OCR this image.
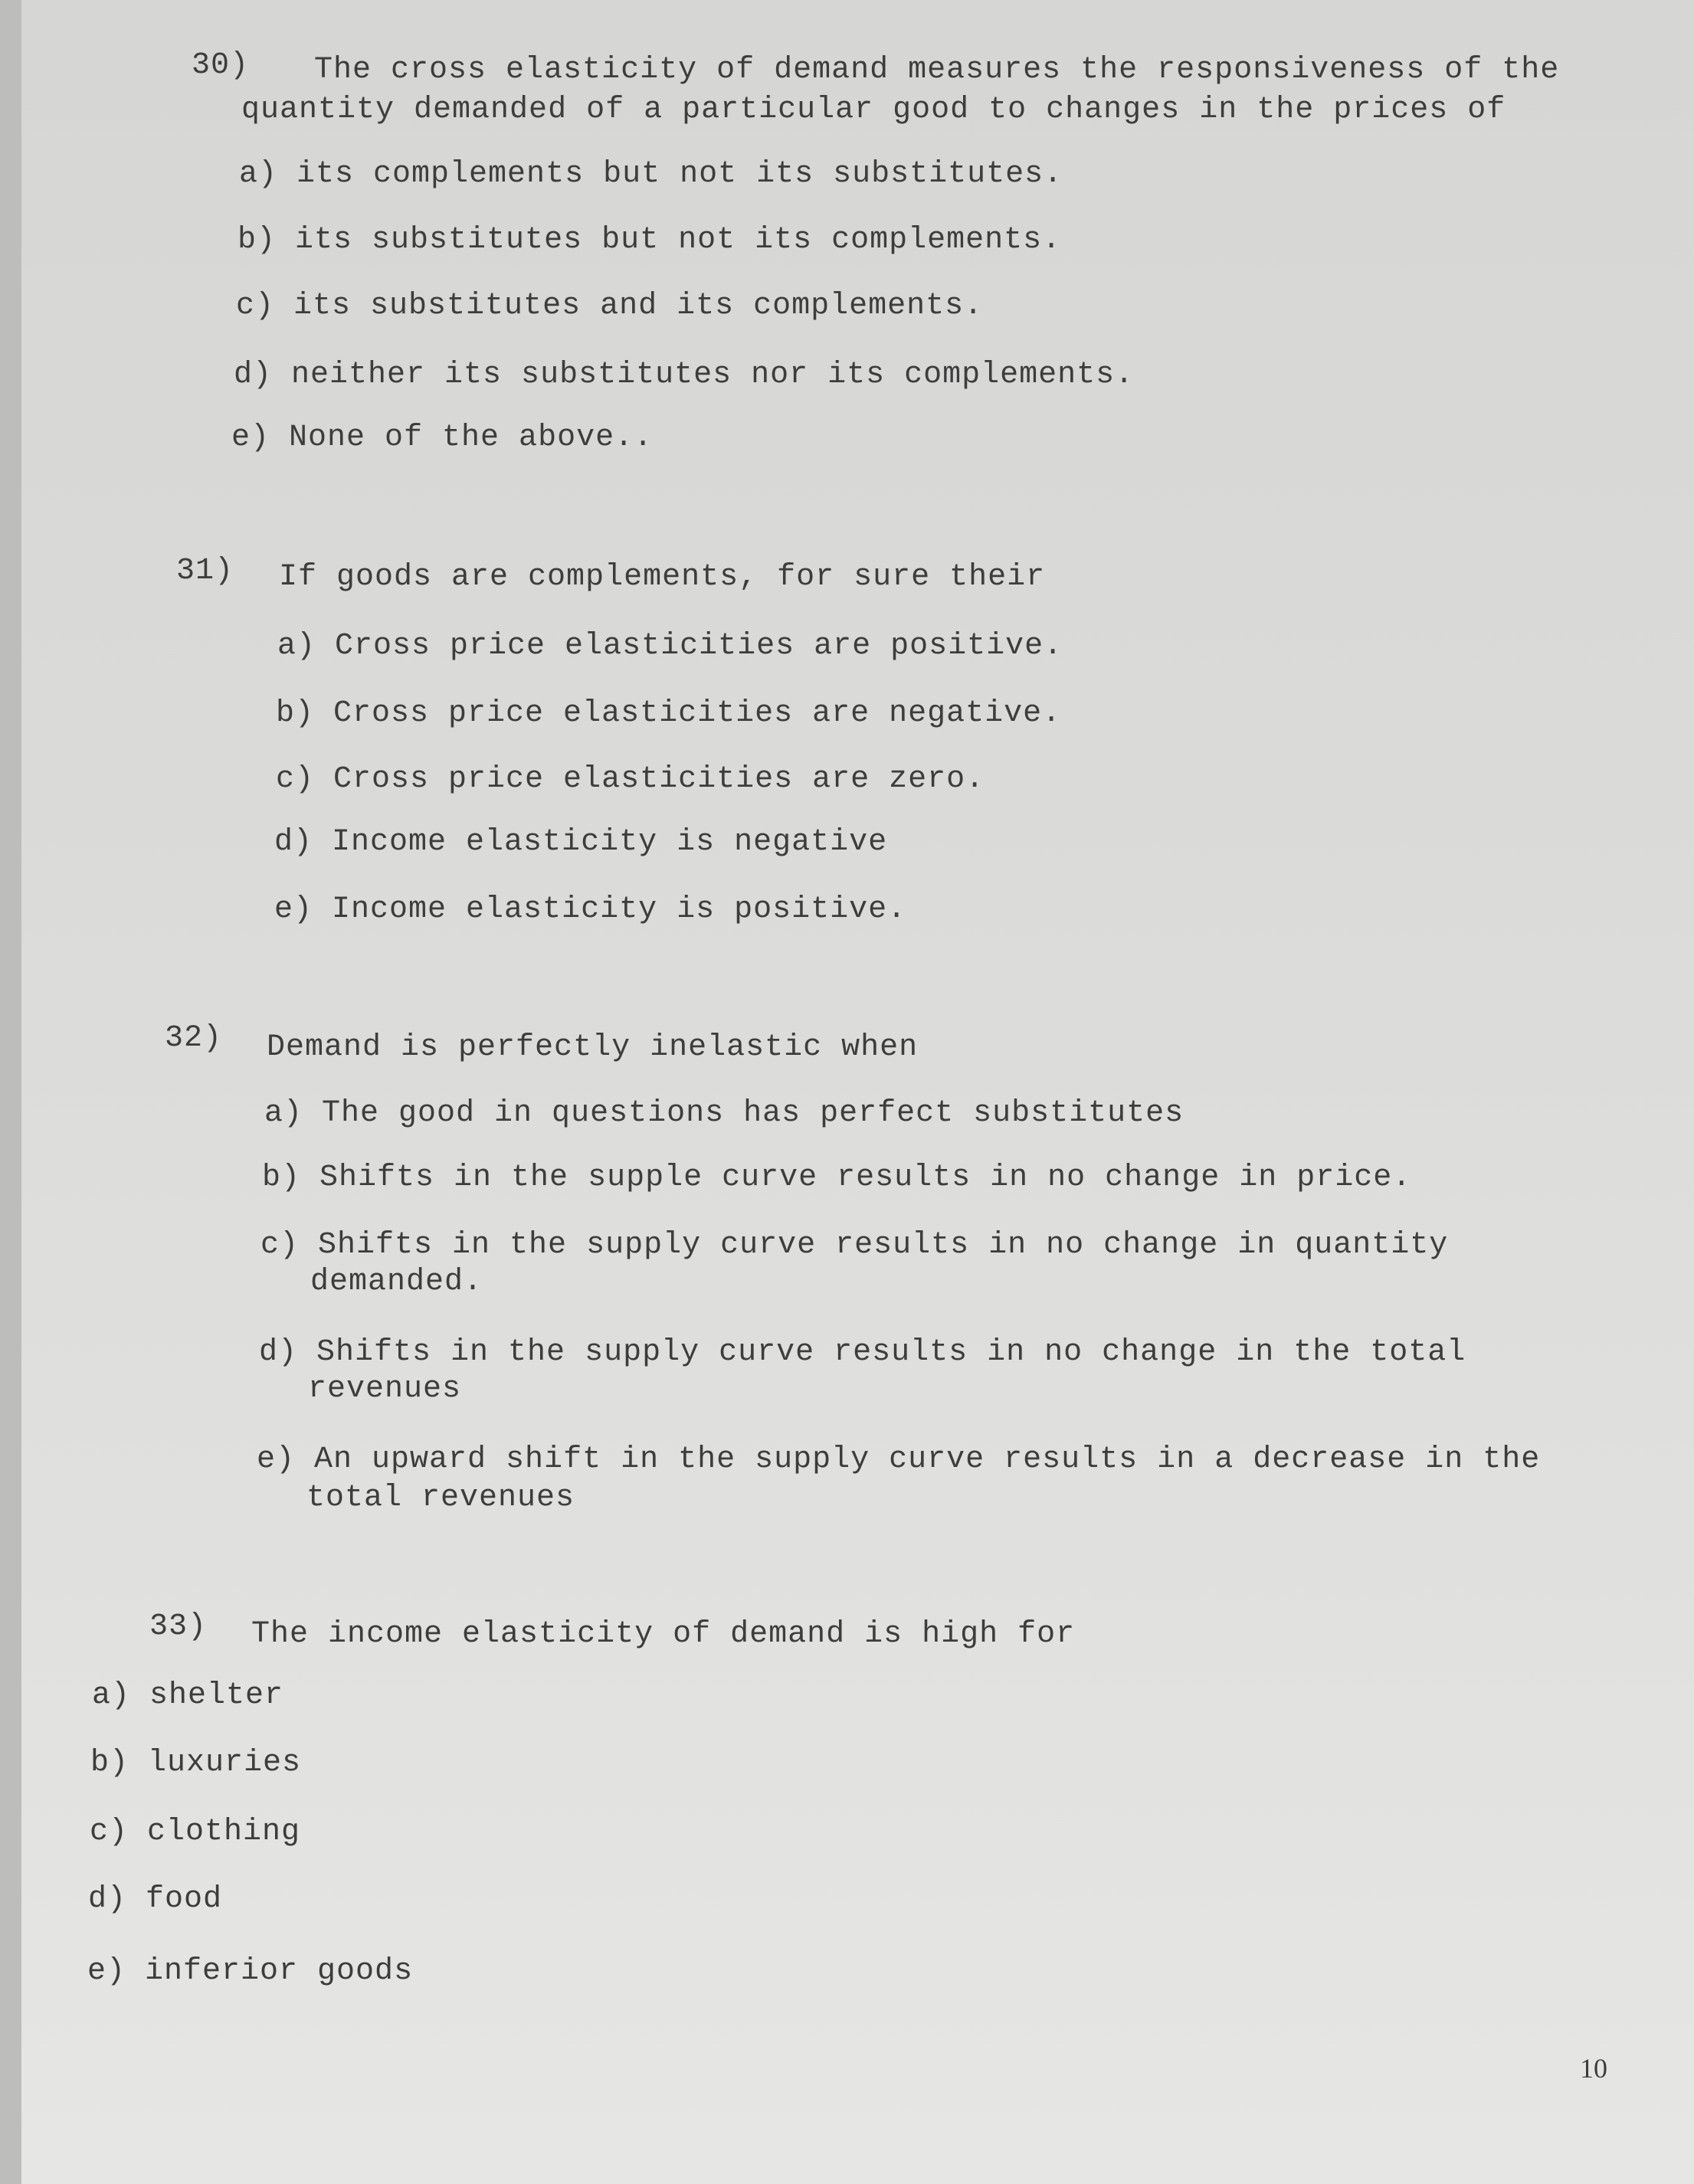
30) The cross elasticity of demand measures the responsiveness of the
quantity demanded of a particular good to changes in the prices of
a) its complements but not its substitutes.
b) its substitutes but not its complements.
c) its substitutes and its complements.
d) neither its substitutes nor its complements.
e) None of the above..
31) If goods are complements, for sure their
a) Cross price elasticities are positive.
b) Cross price elasticities are negative.
c) Cross price elasticities are zero.
d) Income elasticity is negative
e) Income elasticity is positive.
32) Demand is perfectly inelastic when
a) The good in questions has perfect substitutes
b) Shifts in the supple curve results in no change in price.
c) Shifts in the supply curve results in no change in quantity
demanded.
d) Shifts in the supply curve results in no change in the total
revenues
e) An upward shift in the supply curve results in a decrease in the
total revenues
33) The income elasticity of demand is high for
a) shelter
b) luxuries
c) clothing
d) food
e) inferior goods
10
